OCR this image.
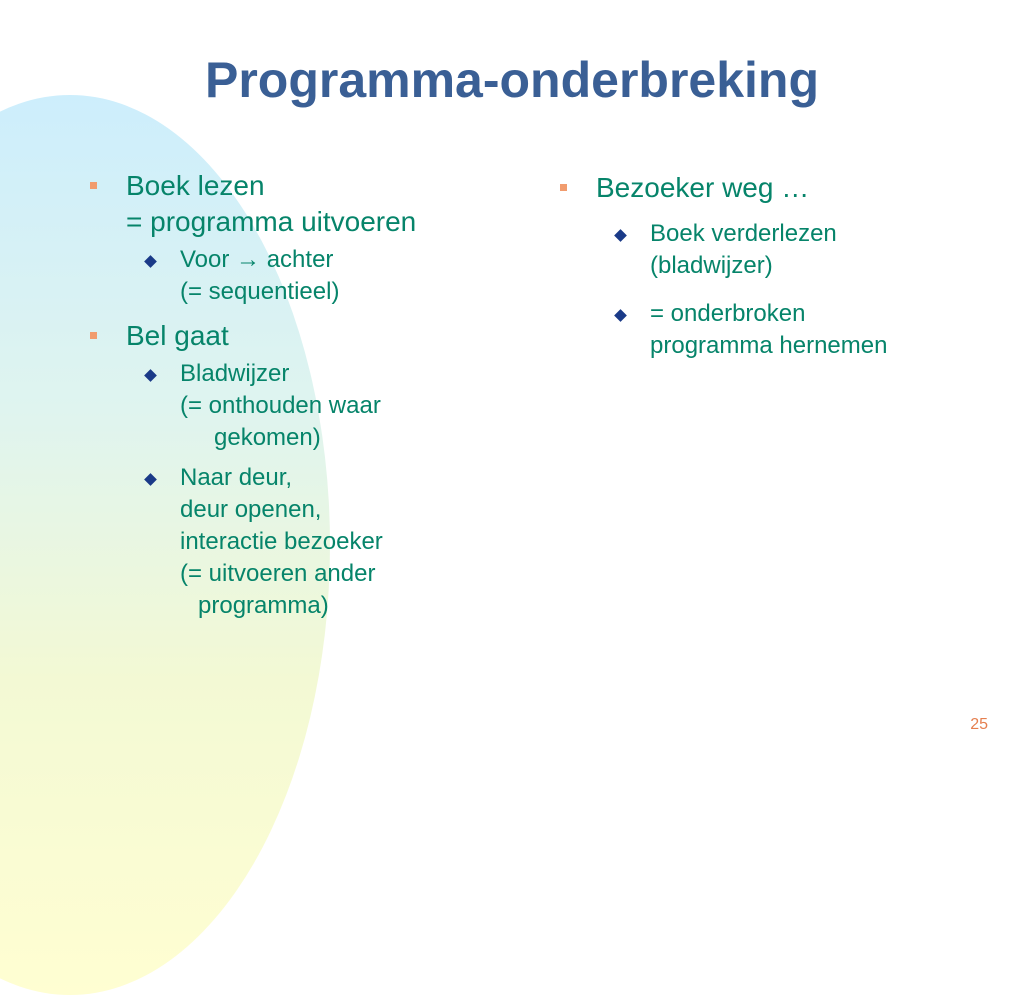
Programma-onderbreking
Boek lezen
= programma uitvoeren
Voor → achter
(= sequentieel)
Bel gaat
Bladwijzer
(= onthouden waar
gekomen)
Naar deur,
deur openen,
interactie bezoeker
(= uitvoeren ander
programma)
Bezoeker weg …
Boek verderlezen
(bladwijzer)
= onderbroken
programma hernemen
25
